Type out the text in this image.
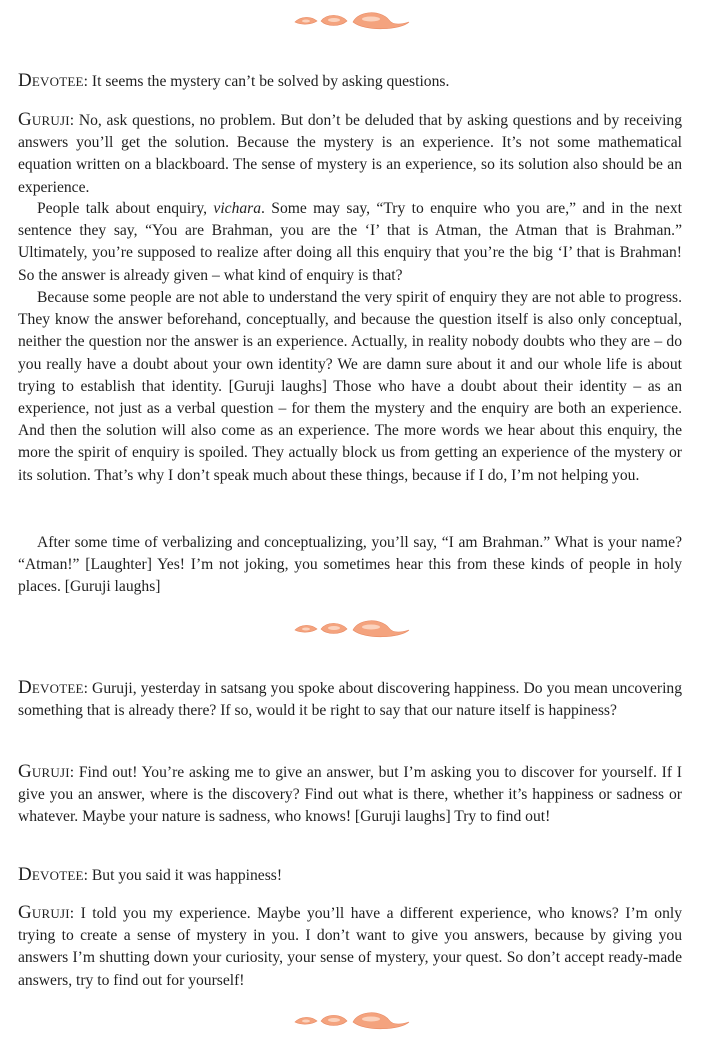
Devotee: It seems the mystery can’t be solved by asking questions.

Guruji: No, ask questions, no problem. But don’t be deluded that by asking questions and by receiving answers you’ll get the solution. Because the mystery is an experience. It’s not some mathematical equation written on a blackboard. The sense of mystery is an experience, so its solution also should be an experience.

People talk about enquiry, vichara. Some may say, “Try to enquire who you are,” and in the next sentence they say, “You are Brahman, you are the ‘I’ that is Atman, the Atman that is Brahman.” Ultimately, you’re supposed to realize after doing all this enquiry that you’re the big ‘I’ that is Brahman! So the answer is already given – what kind of enquiry is that?

Because some people are not able to understand the very spirit of enquiry they are not able to progress. They know the answer beforehand, conceptually, and because the question itself is also only conceptual, neither the question nor the answer is an experience. Actually, in reality nobody doubts who they are – do you really have a doubt about your own identity? We are damn sure about it and our whole life is about trying to establish that identity. [Guruji laughs] Those who have a doubt about their identity – as an experience, not just as a verbal question – for them the mystery and the enquiry are both an experience. And then the solution will also come as an experience. The more words we hear about this enquiry, the more the spirit of enquiry is spoiled. They actually block us from getting an experience of the mystery or its solution. That’s why I don’t speak much about these things, because if I do, I’m not helping you.

After some time of verbalizing and conceptualizing, you’ll say, “I am Brahman.” What is your name? “Atman!” [Laughter] Yes! I’m not joking, you sometimes hear this from these kinds of people in holy places. [Guruji laughs]

Devotee: Guruji, yesterday in satsang you spoke about discovering happiness. Do you mean uncovering something that is already there? If so, would it be right to say that our nature itself is happiness?

Guruji: Find out! You’re asking me to give an answer, but I’m asking you to discover for yourself. If I give you an answer, where is the discovery? Find out what is there, whether it’s happiness or sadness or whatever. Maybe your nature is sadness, who knows! [Guruji laughs] Try to find out!

Devotee: But you said it was happiness!

Guruji: I told you my experience. Maybe you’ll have a different experience, who knows? I’m only trying to create a sense of mystery in you. I don’t want to give you answers, because by giving you answers I’m shutting down your curiosity, your sense of mystery, your quest. So don’t accept ready-made answers, try to find out for yourself!
